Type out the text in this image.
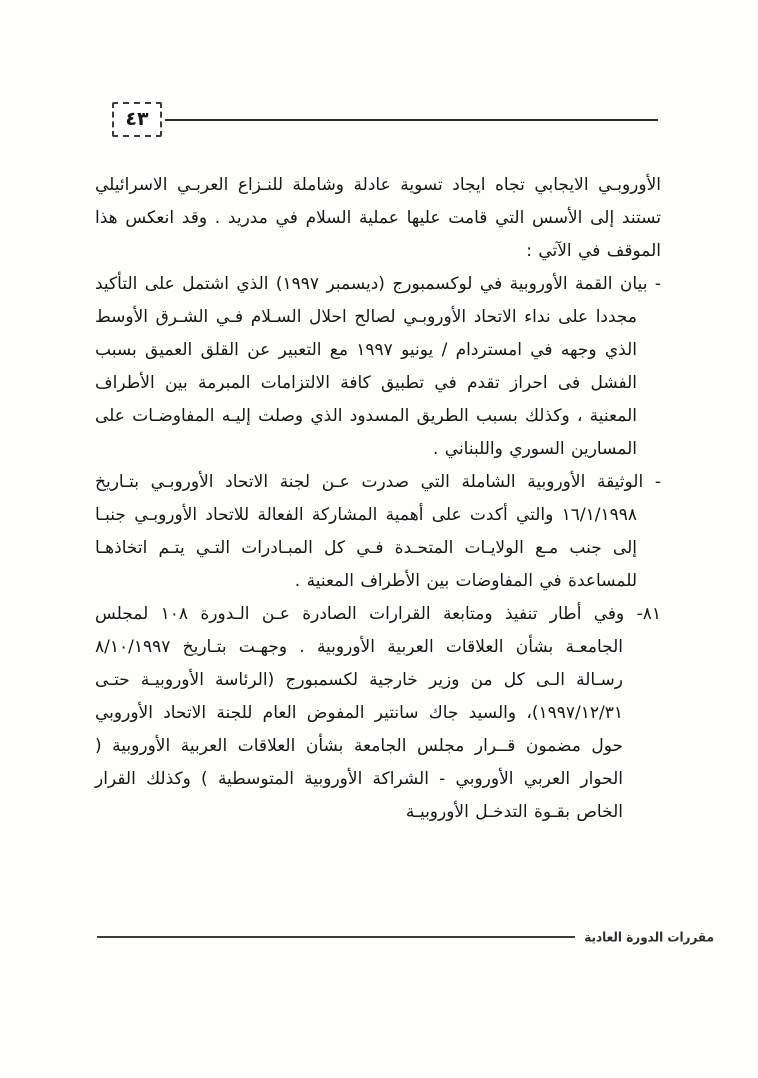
٤٣

الأوروبـي الايجابي تجاه ايجاد تسوية عادلة وشاملة للنـزاع العربـي الاسرائيلي تستند إلى الأسس التي قامت عليها عملية السلام في مدريد . وقد انعكس هذا الموقف في الآتي :

- بيان القمة الأوروبية في لوكسمبورج (ديسمبر ١٩٩٧) الذي اشتمل على التأكيد مجددا على نداء الاتحاد الأوروبـي لصالح احلال السـلام فـي الشـرق الأوسط الذي وجهه في امستردام / يونيو ١٩٩٧ مع التعبير عن القلق العميق بسبب الفشل فى احراز تقدم في تطبيق كافة الالتزامات المبرمة بين الأطراف المعنية ، وكذلك بسبب الطريق المسدود الذي وصلت إليـه المفاوضـات على المسارين السوري واللبناني .

- الوثيقة الأوروبية الشاملة التي صدرت عـن لجنة الاتحاد الأوروبـي بتـاريخ ١٦/١/١٩٩٨ والتي أكدت على أهمية المشاركة الفعالة للاتحاد الأوروبـي جنبـا إلى جنب مـع الولايـات المتحـدة فـي كل المبـادرات التـي يتـم اتخاذهـا للمساعدة في المفاوضات بين الأطراف المعنية .

٨١- وفي أطار تنفيذ ومتابعة القرارات الصادرة عـن الـدورة ١٠٨ لمجلس الجامعـة بشأن العلاقات العربية الأوروبية . وجهـت بتـاريخ ٨/١٠/١٩٩٧ رسـالة الـى كل من وزير خارجية لكسمبورج (الرئاسة الأوروبيـة حتـى ١٩٩٧/١٢/٣١)، والسيد جاك سانتير المفوض العام للجنة الاتحاد الأوروبي حول مضمون قــرار مجلس الجامعة بشأن العلاقات العربية الأوروبية ( الحوار العربي الأوروبي - الشراكة الأوروبية المتوسطية ) وكذلك القرار الخاص بقـوة التدخـل الأوروبيـة

مقررات الدورة العادية
